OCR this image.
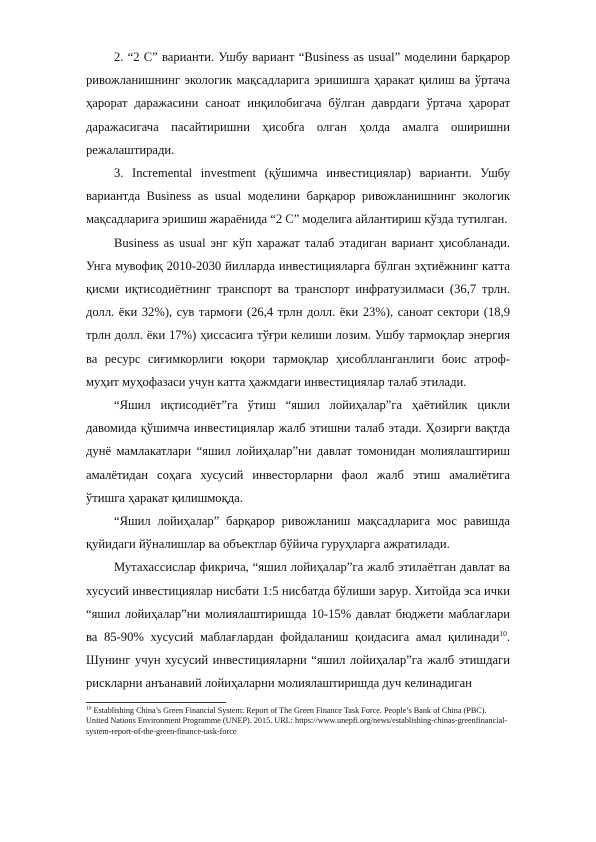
2. “2 C” варианти. Ушбу вариант “Business as usual” моделини барқарор ривожланишнинг экологик мақсадларига эришишга ҳаракат қилиш ва ўртача ҳарорат даражасини саноат инқилобигача бўлган даврдаги ўртача ҳарорат даражасигача пасайтиришни ҳисобга олган ҳолда амалга оширишни режалаштиради.

3. Incremental investment (қўшимча инвестициялар) варианти. Ушбу вариантда Business as usual моделини барқарор ривожланишнинг экологик мақсадларига эришиш жараёнида “2 C” моделига айлантириш кўзда тутилган.

Business as usual энг кўп харажат талаб этадиган вариант ҳисобланади. Унга мувофиқ 2010-2030 йилларда инвестицияларга бўлган эҳтиёжнинг катта қисми иқтисодиётнинг транспорт ва транспорт инфратузилмаси (36,7 трлн. долл. ёки 32%), сув тармоғи (26,4 трлн долл. ёки 23%), саноат сектори (18,9 трлн долл. ёки 17%) ҳиссасига тўғри келиши лозим. Ушбу тармоқлар энергия ва ресурс сиғимкорлиги юқори тармоқлар ҳисоблланганлиги боис атроф-муҳит муҳофазаси учун катта ҳажмдаги инвестициялар талаб этилади.

“Яшил иқтисодиёт”га ўтиш “яшил лойиҳалар”га ҳаётийлик цикли давомида қўшимча инвестициялар жалб этишни талаб этади. Ҳозирги вақтда дунё мамлакатлари “яшил лойиҳалар”ни давлат томонидан молиялаштириш амалётидан соҳага хусусий инвесторларни фаол жалб этиш амалиётига ўтишга ҳаракат қилишмоқда.

“Яшил лойиҳалар” барқарор ривожланиш мақсадларига мос равишда қуйидаги йўналишлар ва объектлар бўйича гуруҳларга ажратилади.

Мутахассислар фикрича, “яшил лойиҳалар”га жалб этилаётган давлат ва хусусий инвестициялар нисбати 1:5 нисбатда бўлиши зарур. Хитойда эса ички “яшил лойиҳалар”ни молиялаштиришда 10-15% давлат бюджети маблағлари ва 85-90% хусусий маблағлардан фойдаланиш қоидасига амал қилинади$^{10}$. Шунинг учун хусусий инвестицияларни “яшил лойиҳалар”га жалб этишдаги рискларни анъанавий лойиҳаларни молиялаштиришда дуч келинадиган

$^{10}$ Establishing China’s Green Financial System: Report of The Green Finance Task Force. People’s Bank of China (PBC). United Nations Environment Programme (UNEP). 2015. URL: https://www.unepfi.org/news/establishing-chinas-greenfinancial-system-report-of-the-green-finance-task-force
